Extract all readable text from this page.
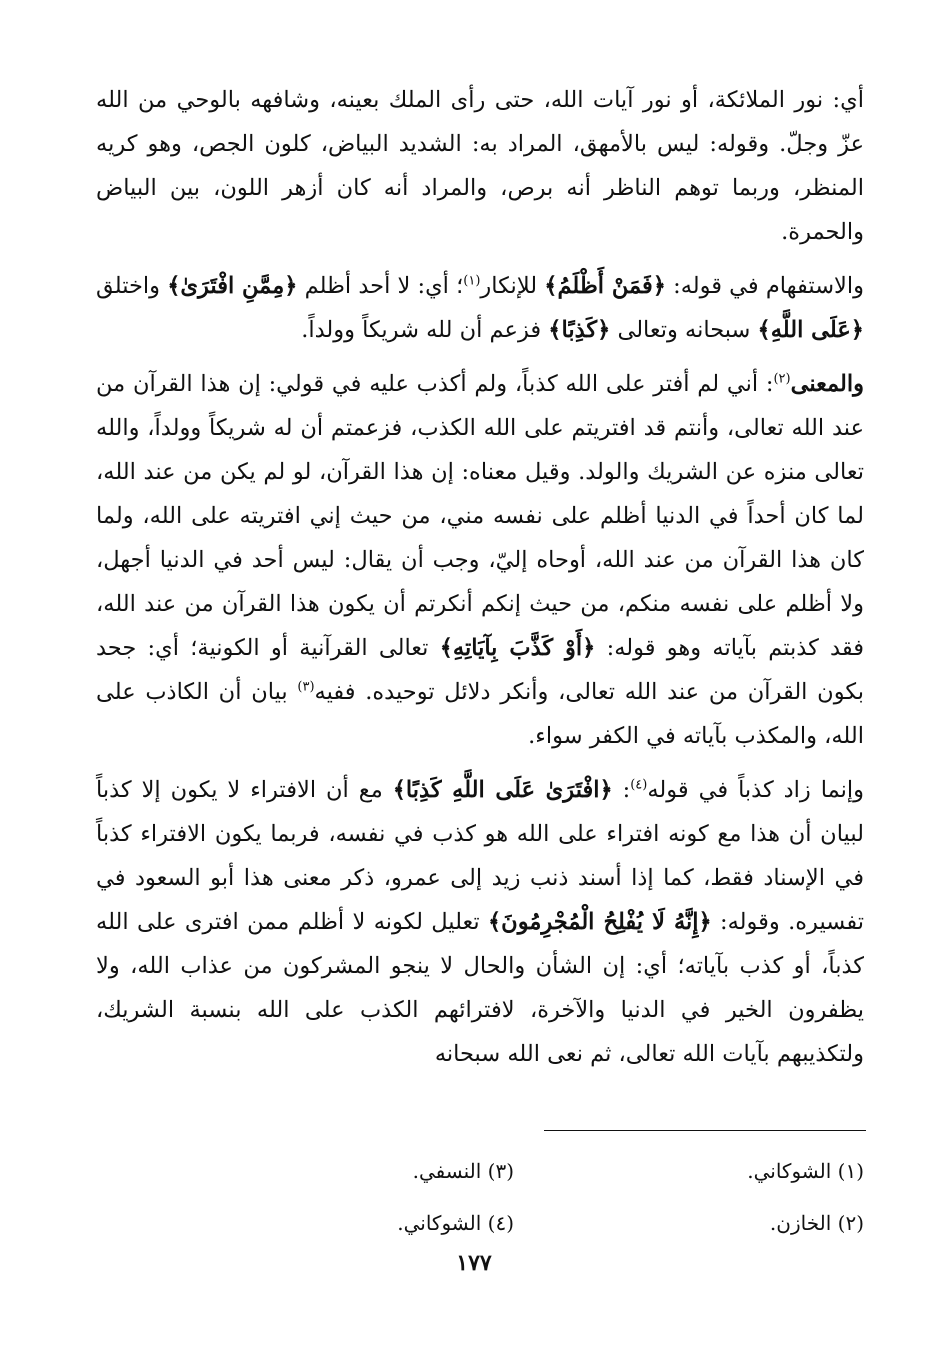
أي: نور الملائكة، أو نور آيات الله، حتى رأى الملك بعينه، وشافهه بالوحي من الله عزّ وجلّ. وقوله: ليس بالأمهق، المراد به: الشديد البياض، كلون الجص، وهو كريه المنظر، وربما توهم الناظر أنه برص، والمراد أنه كان أزهر اللون، بين البياض والحمرة.

والاستفهام في قوله: ﴿فَمَنْ أَظْلَمُ﴾ للإنكار$^{(١)}$؛ أي: لا أحد أظلم ﴿مِمَّنِ افْتَرَىٰ﴾ واختلق ﴿عَلَى اللَّهِ﴾ سبحانه وتعالى ﴿كَذِبًا﴾ فزعم أن لله شريكاً وولداً.

والمعنى$^{(٢)}$: أني لم أفتر على الله كذباً، ولم أكذب عليه في قولي: إن هذا القرآن من عند الله تعالى، وأنتم قد افتريتم على الله الكذب، فزعمتم أن له شريكاً وولداً، والله تعالى منزه عن الشريك والولد. وقيل معناه: إن هذا القرآن، لو لم يكن من عند الله، لما كان أحداً في الدنيا أظلم على نفسه مني، من حيث إني افتريته على الله، ولما كان هذا القرآن من عند الله، أوحاه إليّ، وجب أن يقال: ليس أحد في الدنيا أجهل، ولا أظلم على نفسه منكم، من حيث إنكم أنكرتم أن يكون هذا القرآن من عند الله، فقد كذبتم بآياته وهو قوله: ﴿أَوْ كَذَّبَ بِآيَاتِهِ﴾ تعالى القرآنية أو الكونية؛ أي: جحد بكون القرآن من عند الله تعالى، وأنكر دلائل توحيده. ففيه$^{(٣)}$ بيان أن الكاذب على الله، والمكذب بآياته في الكفر سواء.

وإنما زاد كذباً في قوله$^{(٤)}$: ﴿افْتَرَىٰ عَلَى اللَّهِ كَذِبًا﴾ مع أن الافتراء لا يكون إلا كذباً لبيان أن هذا مع كونه افتراء على الله هو كذب في نفسه، فربما يكون الافتراء كذباً في الإسناد فقط، كما إذا أسند ذنب زيد إلى عمرو، ذكر معنى هذا أبو السعود في تفسيره. وقوله: ﴿إِنَّهُ لَا يُفْلِحُ الْمُجْرِمُونَ﴾ تعليل لكونه لا أظلم ممن افترى على الله كذباً، أو كذب بآياته؛ أي: إن الشأن والحال لا ينجو المشركون من عذاب الله، ولا يظفرون الخير في الدنيا والآخرة، لافترائهم الكذب على الله بنسبة الشريك، ولتكذيبهم بآيات الله تعالى، ثم نعى الله سبحانه

(١) الشوكاني.
(٣) النسفي.
(٢) الخازن.
(٤) الشوكاني.
١٧٧
